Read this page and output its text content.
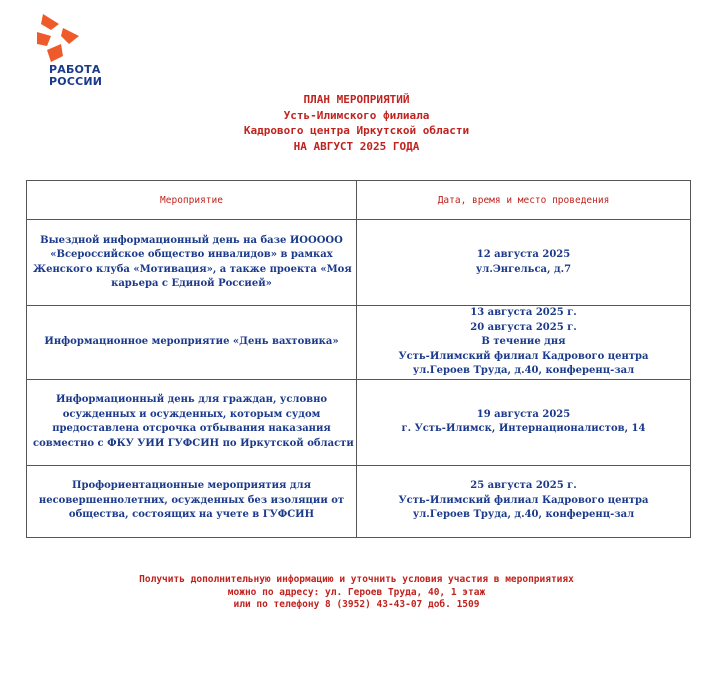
РАБОТА
РОССИИ
ПЛАН МЕРОПРИЯТИЙ
Усть-Илимского филиала
Кадрового центра Иркутской области
НА АВГУСТ 2025 ГОДА
Мероприятие	Дата, время и место проведения

Выездной информационный день на базе ИООООО
«Всероссийское общество инвалидов» в рамках
Женского клуба «Мотивация», а также проекта «Моя
карьера с Единой Россией»	12 августа 2025
ул.Энгельса, д.7

Информационное мероприятие «День вахтовика»	13 августа 2025 г.
20 августа 2025 г.
В течение дня
Усть-Илимский филиал Кадрового центра
ул.Героев Труда, д.40, конференц-зал

Информационный день для граждан, условно
осужденных и осужденных, которым судом
предоставлена отсрочка отбывания наказания
совместно с ФКУ УИИ ГУФСИН по Иркутской области	19 августа 2025
г. Усть-Илимск, Интернационалистов, 14

Профориентационные мероприятия для
несовершеннолетних, осужденных без изоляции от
общества, состоящих на учете в ГУФСИН	25 августа 2025 г.
Усть-Илимский филиал Кадрового центра
ул.Героев Труда, д.40, конференц-зал
Получить дополнительную информацию и уточнить условия участия в мероприятиях
можно по адресу: ул. Героев Труда, 40, 1 этаж
или по телефону 8 (3952) 43-43-07 доб. 1509
